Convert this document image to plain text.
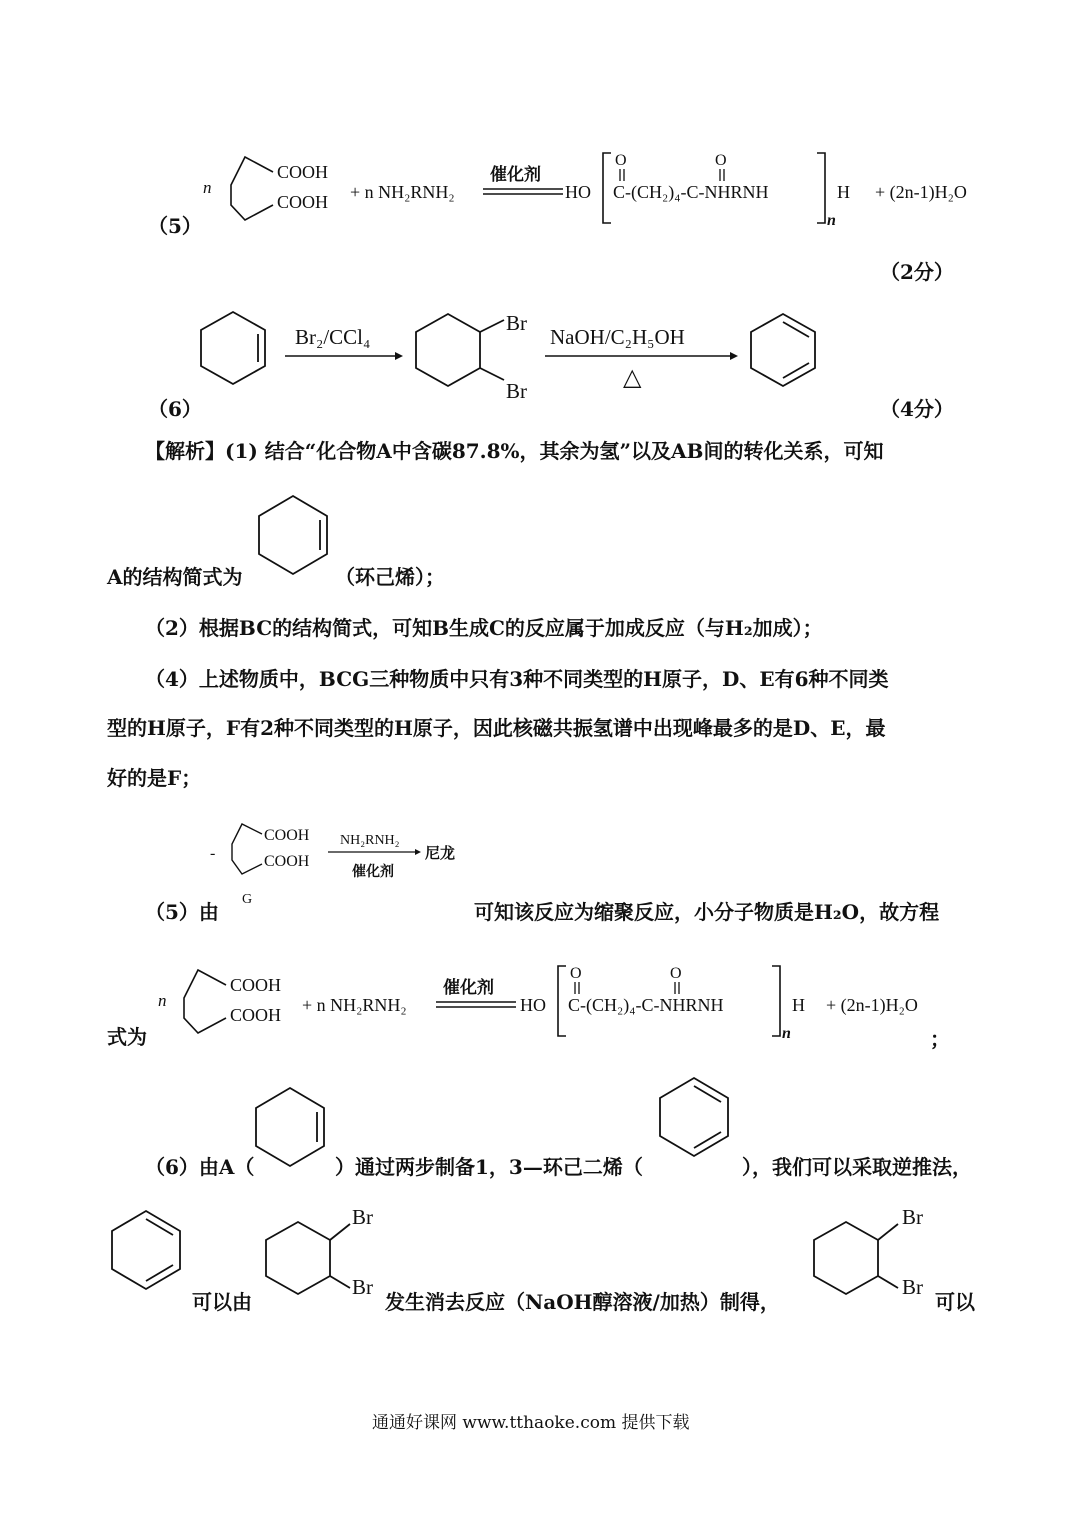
（5）
n
COOH
COOH + n NH₂RNH₂
催化剂
HO
O	O
C-(CH₂)₄-C-NHRNH
n
H + (2n-1)H₂O
（2分）
Br₂/CCl₄
Br
Br
NaOH/C₂H₅OH
△
（6）	（4分）
【解析】(1) 结合“化合物A中含碳87.8%，其余为氢”以及AB间的转化关系，可知
A的结构简式为	（环己烯）；
（2）根据BC的结构简式，可知B生成C的反应属于加成反应（与H₂加成）；
（4）上述物质中，BCG三种物质中只有3种不同类型的H原子，D、E有6种不同类
型的H原子，F有2种不同类型的H原子，因此核磁共振氢谱中出现峰最多的是D、E，最
好的是F；
-
COOH
COOH
NH₂RNH₂
催化剂
尼龙
G
（5）由	可知该反应为缩聚反应，小分子物质是H₂O，故方程
式为
n
COOH
COOH + n NH₂RNH₂
催化剂
HO
O	O
C-(CH₂)₄-C-NHRNH
n
H + (2n-1)H₂O
；
（6）由A（	）通过两步制备1，3—环己二烯（	），我们可以采取逆推法，
可以由
Br
Br
发生消去反应（NaOH醇溶液/加热）制得，
Br
Br
可以
通通好课网 www.tthaoke.com 提供下载
